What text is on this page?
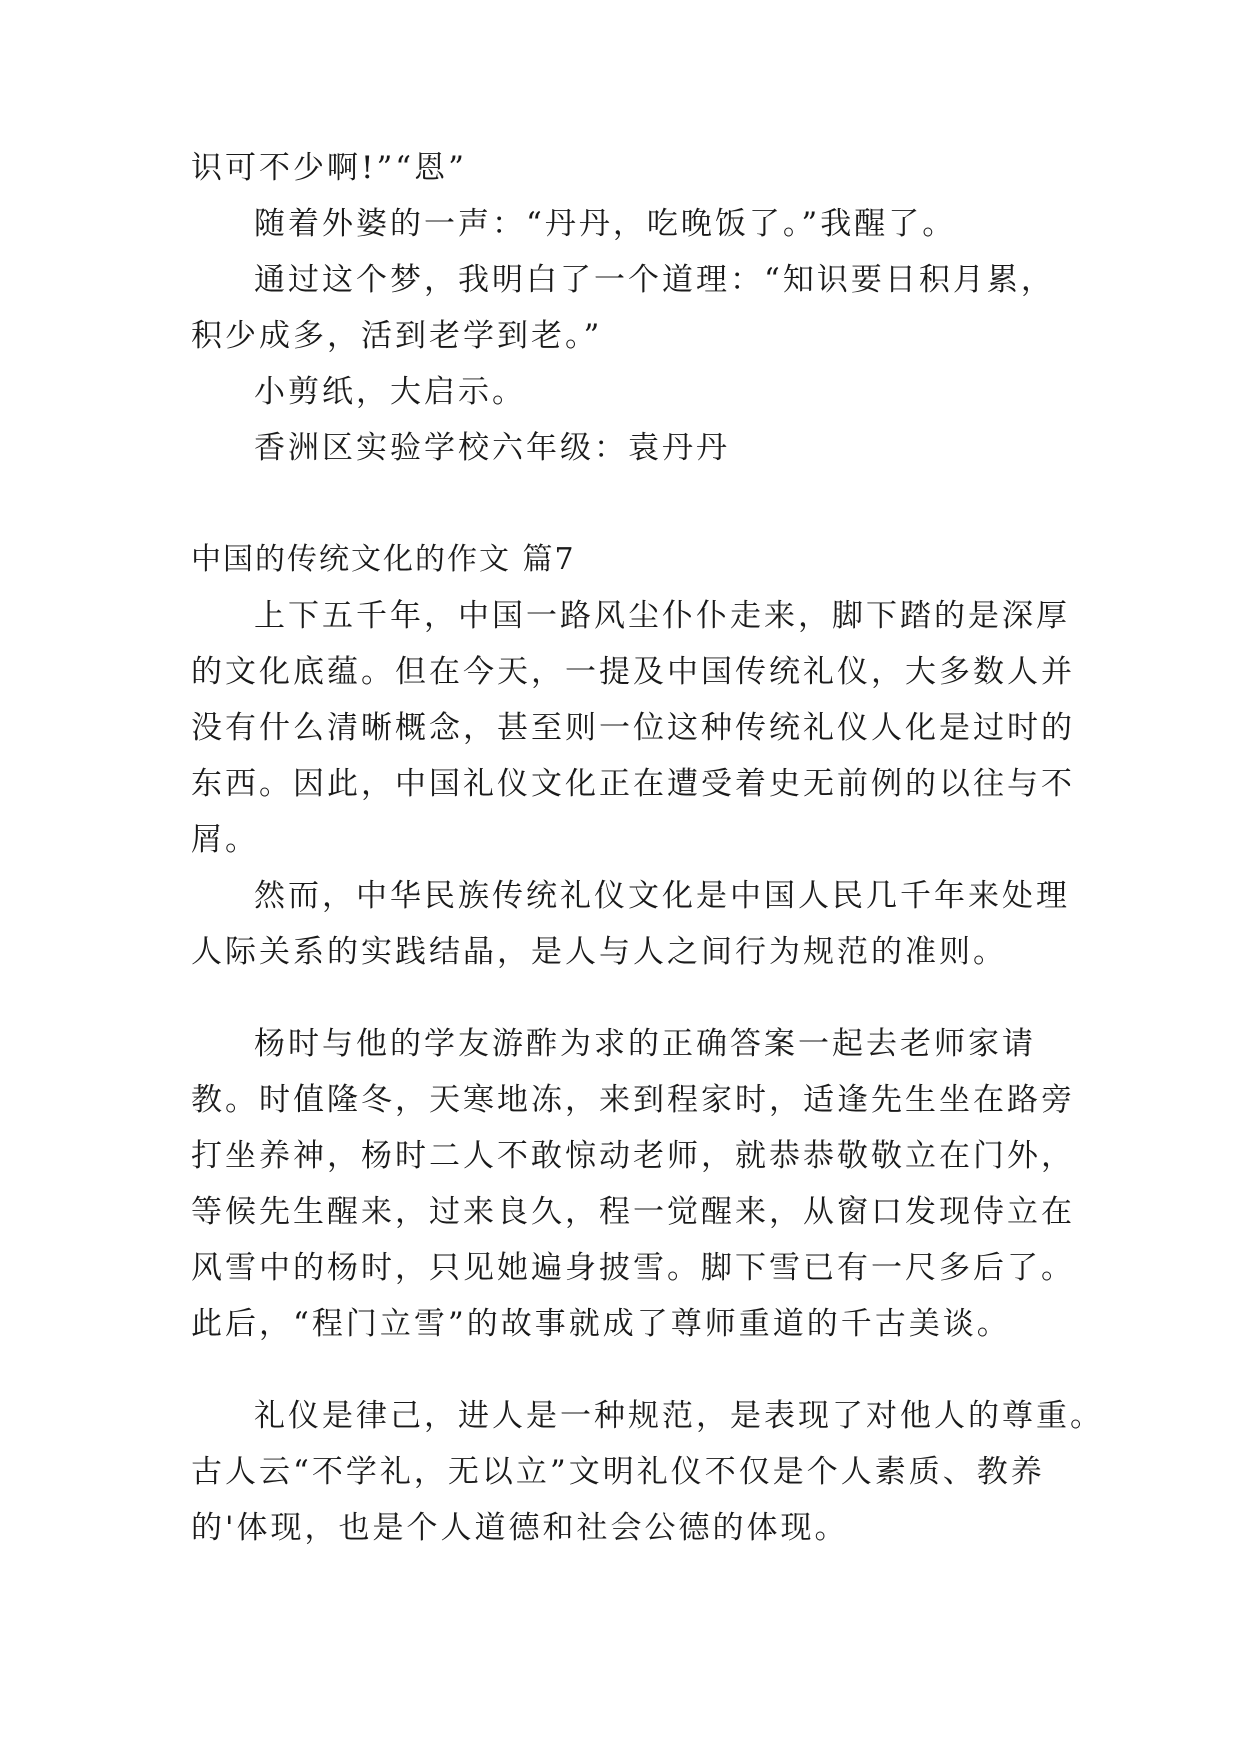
识可不少啊!”“恩”
随着外婆的一声：“丹丹，吃晚饭了。”我醒了。
通过这个梦，我明白了一个道理：“知识要日积月累，
积少成多，活到老学到老。”
小剪纸，大启示。
香洲区实验学校六年级：袁丹丹
中国的传统文化的作文 篇7
上下五千年，中国一路风尘仆仆走来，脚下踏的是深厚
的文化底蕴。但在今天，一提及中国传统礼仪，大多数人并
没有什么清晰概念，甚至则一位这种传统礼仪人化是过时的
东西。因此，中国礼仪文化正在遭受着史无前例的以往与不
屑。
然而，中华民族传统礼仪文化是中国人民几千年来处理
人际关系的实践结晶，是人与人之间行为规范的准则。
杨时与他的学友游酢为求的正确答案一起去老师家请
教。时值隆冬，天寒地冻，来到程家时，适逢先生坐在路旁
打坐养神，杨时二人不敢惊动老师，就恭恭敬敬立在门外，
等候先生醒来，过来良久，程一觉醒来，从窗口发现侍立在
风雪中的杨时，只见她遍身披雪。脚下雪已有一尺多后了。
此后，“程门立雪”的故事就成了尊师重道的千古美谈。
礼仪是律己，进人是一种规范，是表现了对他人的尊重。
古人云“不学礼，无以立”文明礼仪不仅是个人素质、教养
的'体现，也是个人道德和社会公德的体现。
